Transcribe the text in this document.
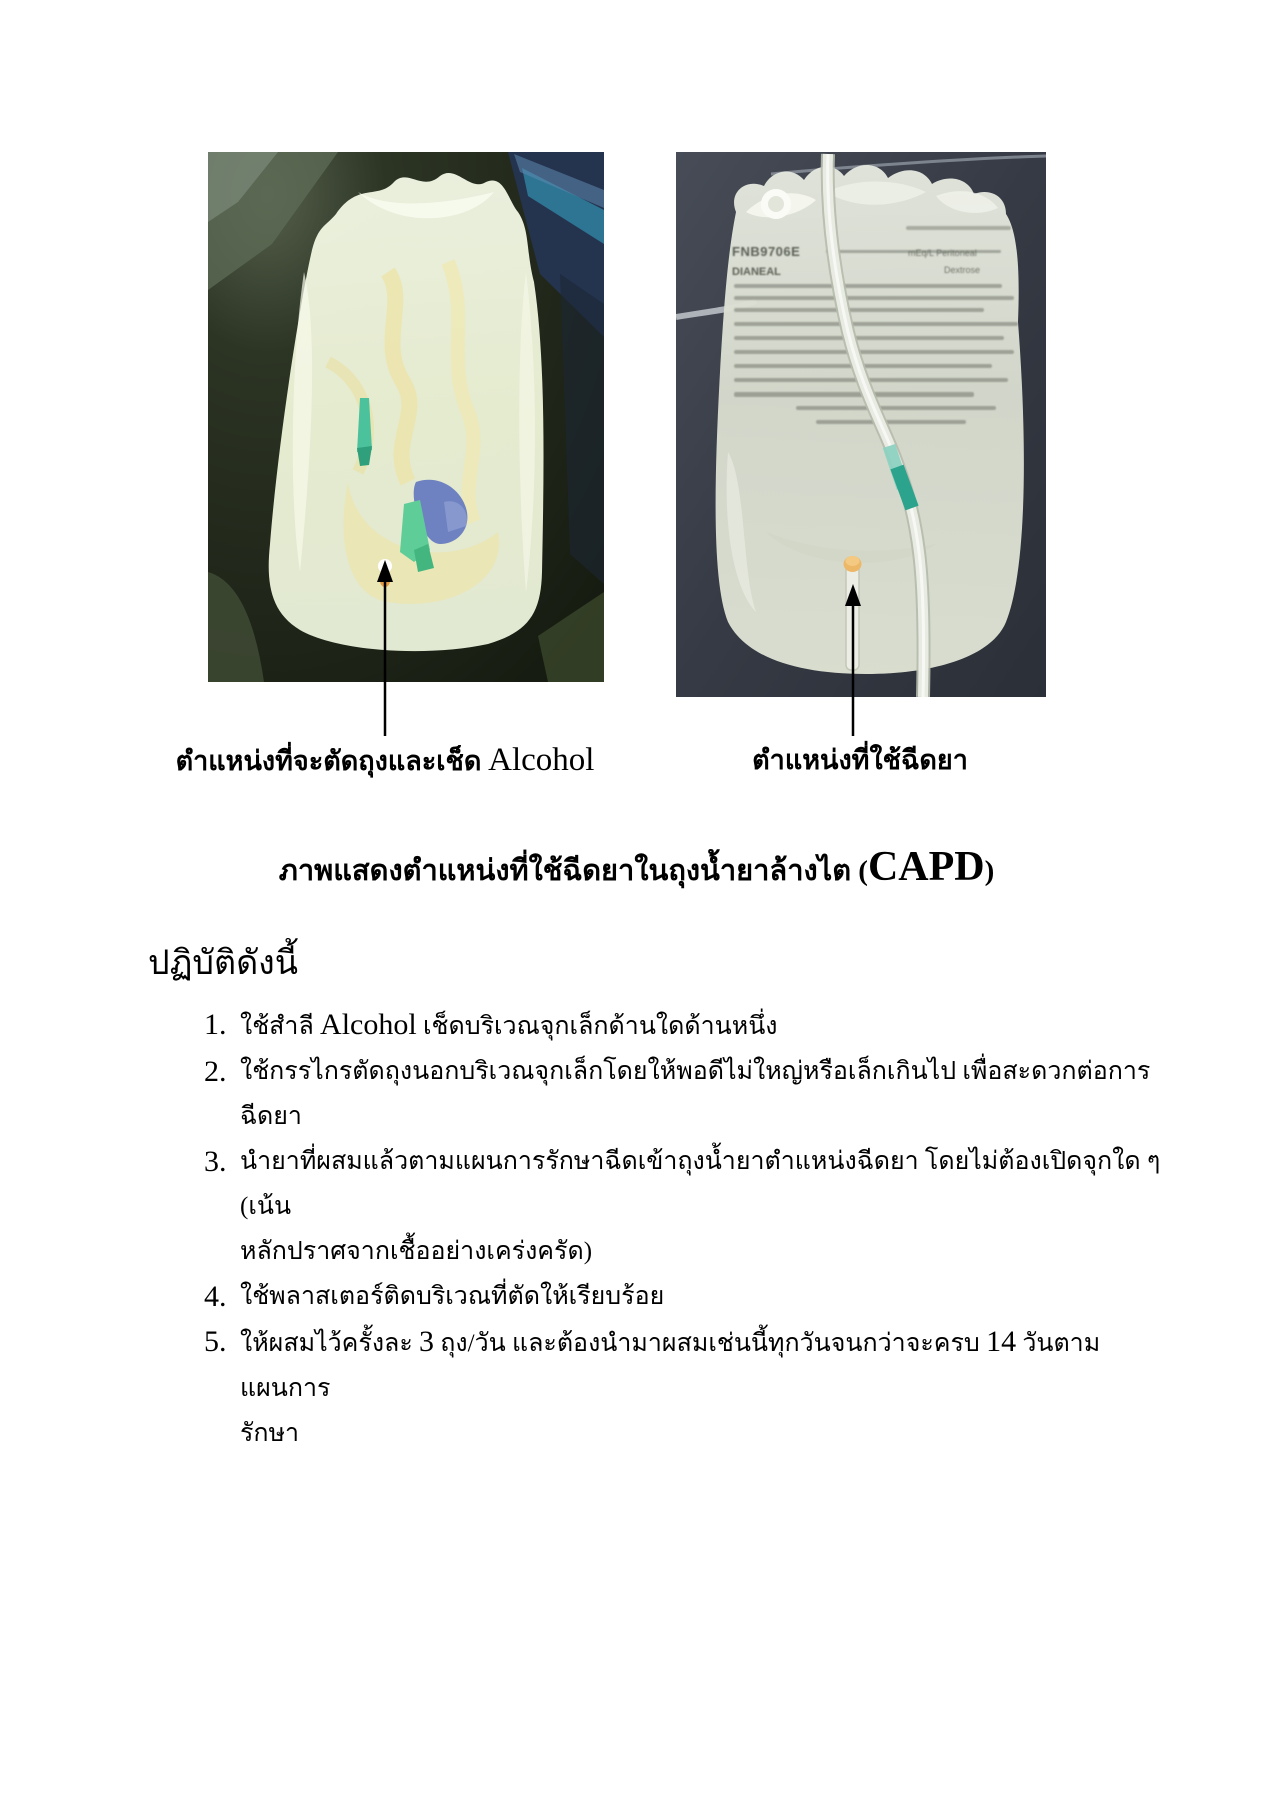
FNB9706E	mEq/L Peritoneal
DIANEAL	Dextrose
ตำแหน่งที่จะตัดถุงและเช็ด Alcohol	ตำแหน่งที่ใช้ฉีดยา
ภาพแสดงตำแหน่งที่ใช้ฉีดยาในถุงน้ำยาล้างไต (CAPD)
ปฏิบัติดังนี้
1. ใช้สำลี Alcohol เช็ดบริเวณจุกเล็กด้านใดด้านหนึ่ง
2. ใช้กรรไกรตัดถุงนอกบริเวณจุกเล็กโดยให้พอดีไม่ใหญ่หรือเล็กเกินไป เพื่อสะดวกต่อการฉีดยา
3. นำยาที่ผสมแล้วตามแผนการรักษาฉีดเข้าถุงน้ำยาตำแหน่งฉีดยา โดยไม่ต้องเปิดจุกใด ๆ (เน้น
หลักปราศจากเชื้ออย่างเคร่งครัด)
4. ใช้พลาสเตอร์ติดบริเวณที่ตัดให้เรียบร้อย
5. ให้ผสมไว้ครั้งละ 3 ถุง/วัน และต้องนำมาผสมเช่นนี้ทุกวันจนกว่าจะครบ 14 วันตามแผนการ
รักษา
